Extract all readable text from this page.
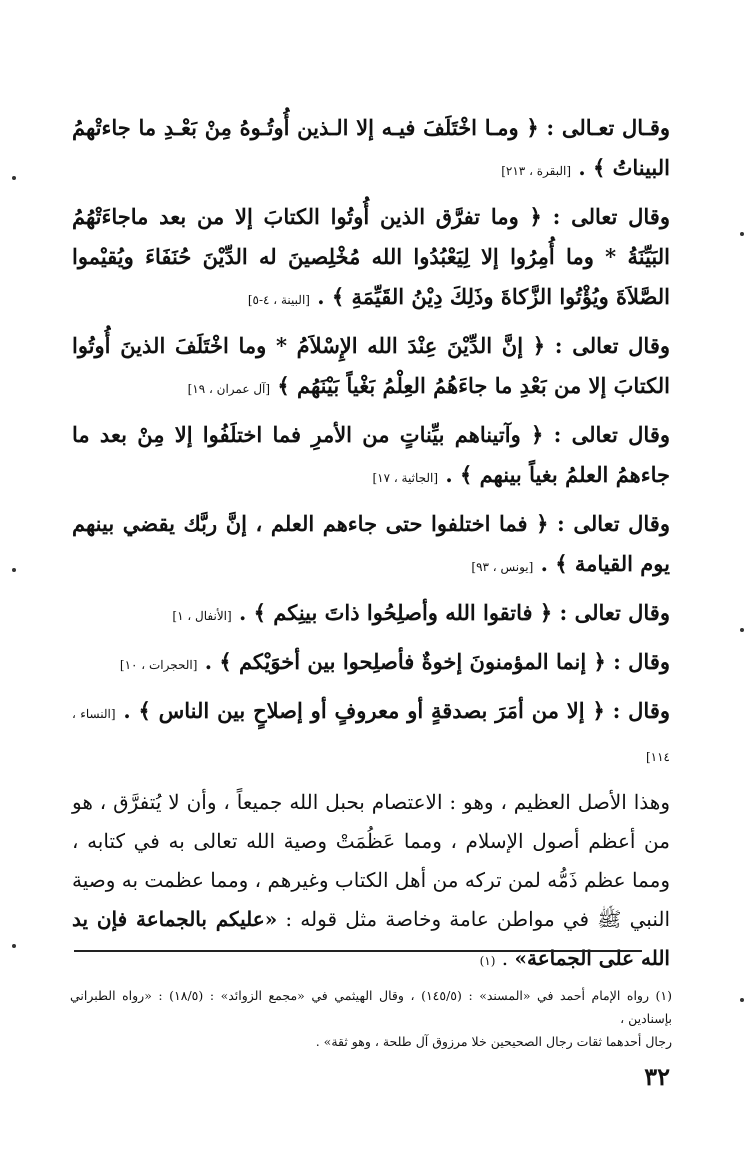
وقـال تعـالى : ﴿ ومـا اخْتَلَفَ فيـه إلا الـذين أُوتُـوهُ مِنْ بَعْـدِ ما جاءتْهمُ البيناتُ ﴾ . [البقرة ، ٢١٣]

وقال تعالى : ﴿ وما تفرَّق الذين أُوتُوا الكتابَ إلا من بعد ماجاءَتْهُمُ البَيِّنَةُ * وما أُمِرُوا إلا لِيَعْبُدُوا الله مُخْلِصينَ له الدِّيْنَ حُنَفَاءَ ويُقيْموا الصَّلاَةَ ويُؤْتُوا الزَّكاةَ وذَلِكَ دِيْنُ القَيِّمَةِ ﴾ . [البينة ، ٤-٥]

وقال تعالى : ﴿ إنَّ الدِّيْنَ عِنْدَ الله الإِسْلاَمُ * وما اخْتَلَفَ الذينَ أُوتُوا الكتابَ إلا من بَعْدِ ما جاءَهُمُ العِلْمُ بَغْياً بَيْنَهُم ﴾ [آل عمران ، ١٩]

وقال تعالى : ﴿ وآتيناهم بيِّناتٍ من الأمرِ فما اختلَفُوا إلا مِنْ بعد ما جاءهمُ العلمُ بغياً بينهم ﴾ . [الجاثية ، ١٧]

وقال تعالى : ﴿ فما اختلفوا حتى جاءهم العلم ، إنَّ ربَّك يقضي بينهم يوم القيامة ﴾ . [يونس ، ٩٣]

وقال تعالى : ﴿ فاتقوا الله وأصلِحُوا ذاتَ بينِكم ﴾ . [الأنفال ، ١]

وقال : ﴿ إنما المؤمنونَ إخوةٌ فأصلِحوا بين أخوَيْكم ﴾ . [الحجرات ، ١٠]

وقال : ﴿ إلا من أمَرَ بصدقةٍ أو معروفٍ أو إصلاحٍ بين الناس ﴾ . [النساء ، ١١٤]

وهذا الأصل العظيم ، وهو : الاعتصام بحبل الله جميعاً ، وأن لا يُتفرَّق ، هو من أعظم أصول الإسلام ، ومما عَظُمَتْ وصية الله تعالى به في كتابه ، ومما عظم ذَمُّه لمن تركه من أهل الكتاب وغيرهم ، ومما عظمت به وصية النبي ﷺ في مواطن عامة وخاصة مثل قوله : «عليكم بالجماعة فإن يد الله على الجماعة» . (١)

(١) رواه الإمام أحمد في «المسند» : (١٤٥/٥) ، وقال الهيثمي في «مجمع الزوائد» : (١٨/٥) : «رواه الطبراني بإسنادين ،
رجال أحدهما ثقات رجال الصحيحين خلا مرزوق آل طلحة ، وهو ثقة» .
٣٢
